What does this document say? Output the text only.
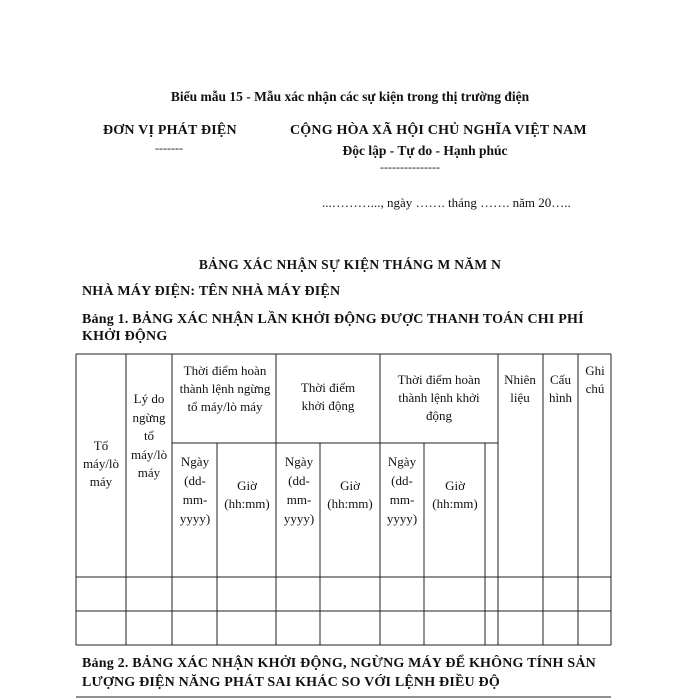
Biểu mẫu 15 - Mẫu xác nhận các sự kiện trong thị trường điện
ĐƠN VỊ PHÁT ĐIỆN
-------
CỘNG HÒA XÃ HỘI CHỦ NGHĨA VIỆT NAM
Độc lập - Tự do - Hạnh phúc
---------------
...………..., ngày ……. tháng ……. năm 20…..
BẢNG XÁC NHẬN SỰ KIỆN THÁNG M NĂM N
NHÀ MÁY ĐIỆN: TÊN NHÀ MÁY ĐIỆN
Bảng 1. BẢNG XÁC NHẬN LẦN KHỞI ĐỘNG ĐƯỢC THANH TOÁN CHI PHÍ KHỞI ĐỘNG
Tổ máy/lò máy
Lý do ngừng tổ máy/lò máy
Thời điểm hoàn thành lệnh ngừng tổ máy/lò máy
Thời điểm khởi động
Thời điểm hoàn thành lệnh khởi động
Nhiên liệu
Cấu hình
Ghi chú
Ngày (dd-mm-yyyy)
Giờ (hh:mm)
Ngày (dd-mm-yyyy)
Giờ (hh:mm)
Ngày (dd-mm-yyyy)
Giờ (hh:mm)
Bảng 2. BẢNG XÁC NHẬN KHỞI ĐỘNG, NGỪNG MÁY ĐỂ KHÔNG TÍNH SẢN LƯỢNG ĐIỆN NĂNG PHÁT SAI KHÁC SO VỚI LỆNH ĐIỀU ĐỘ
